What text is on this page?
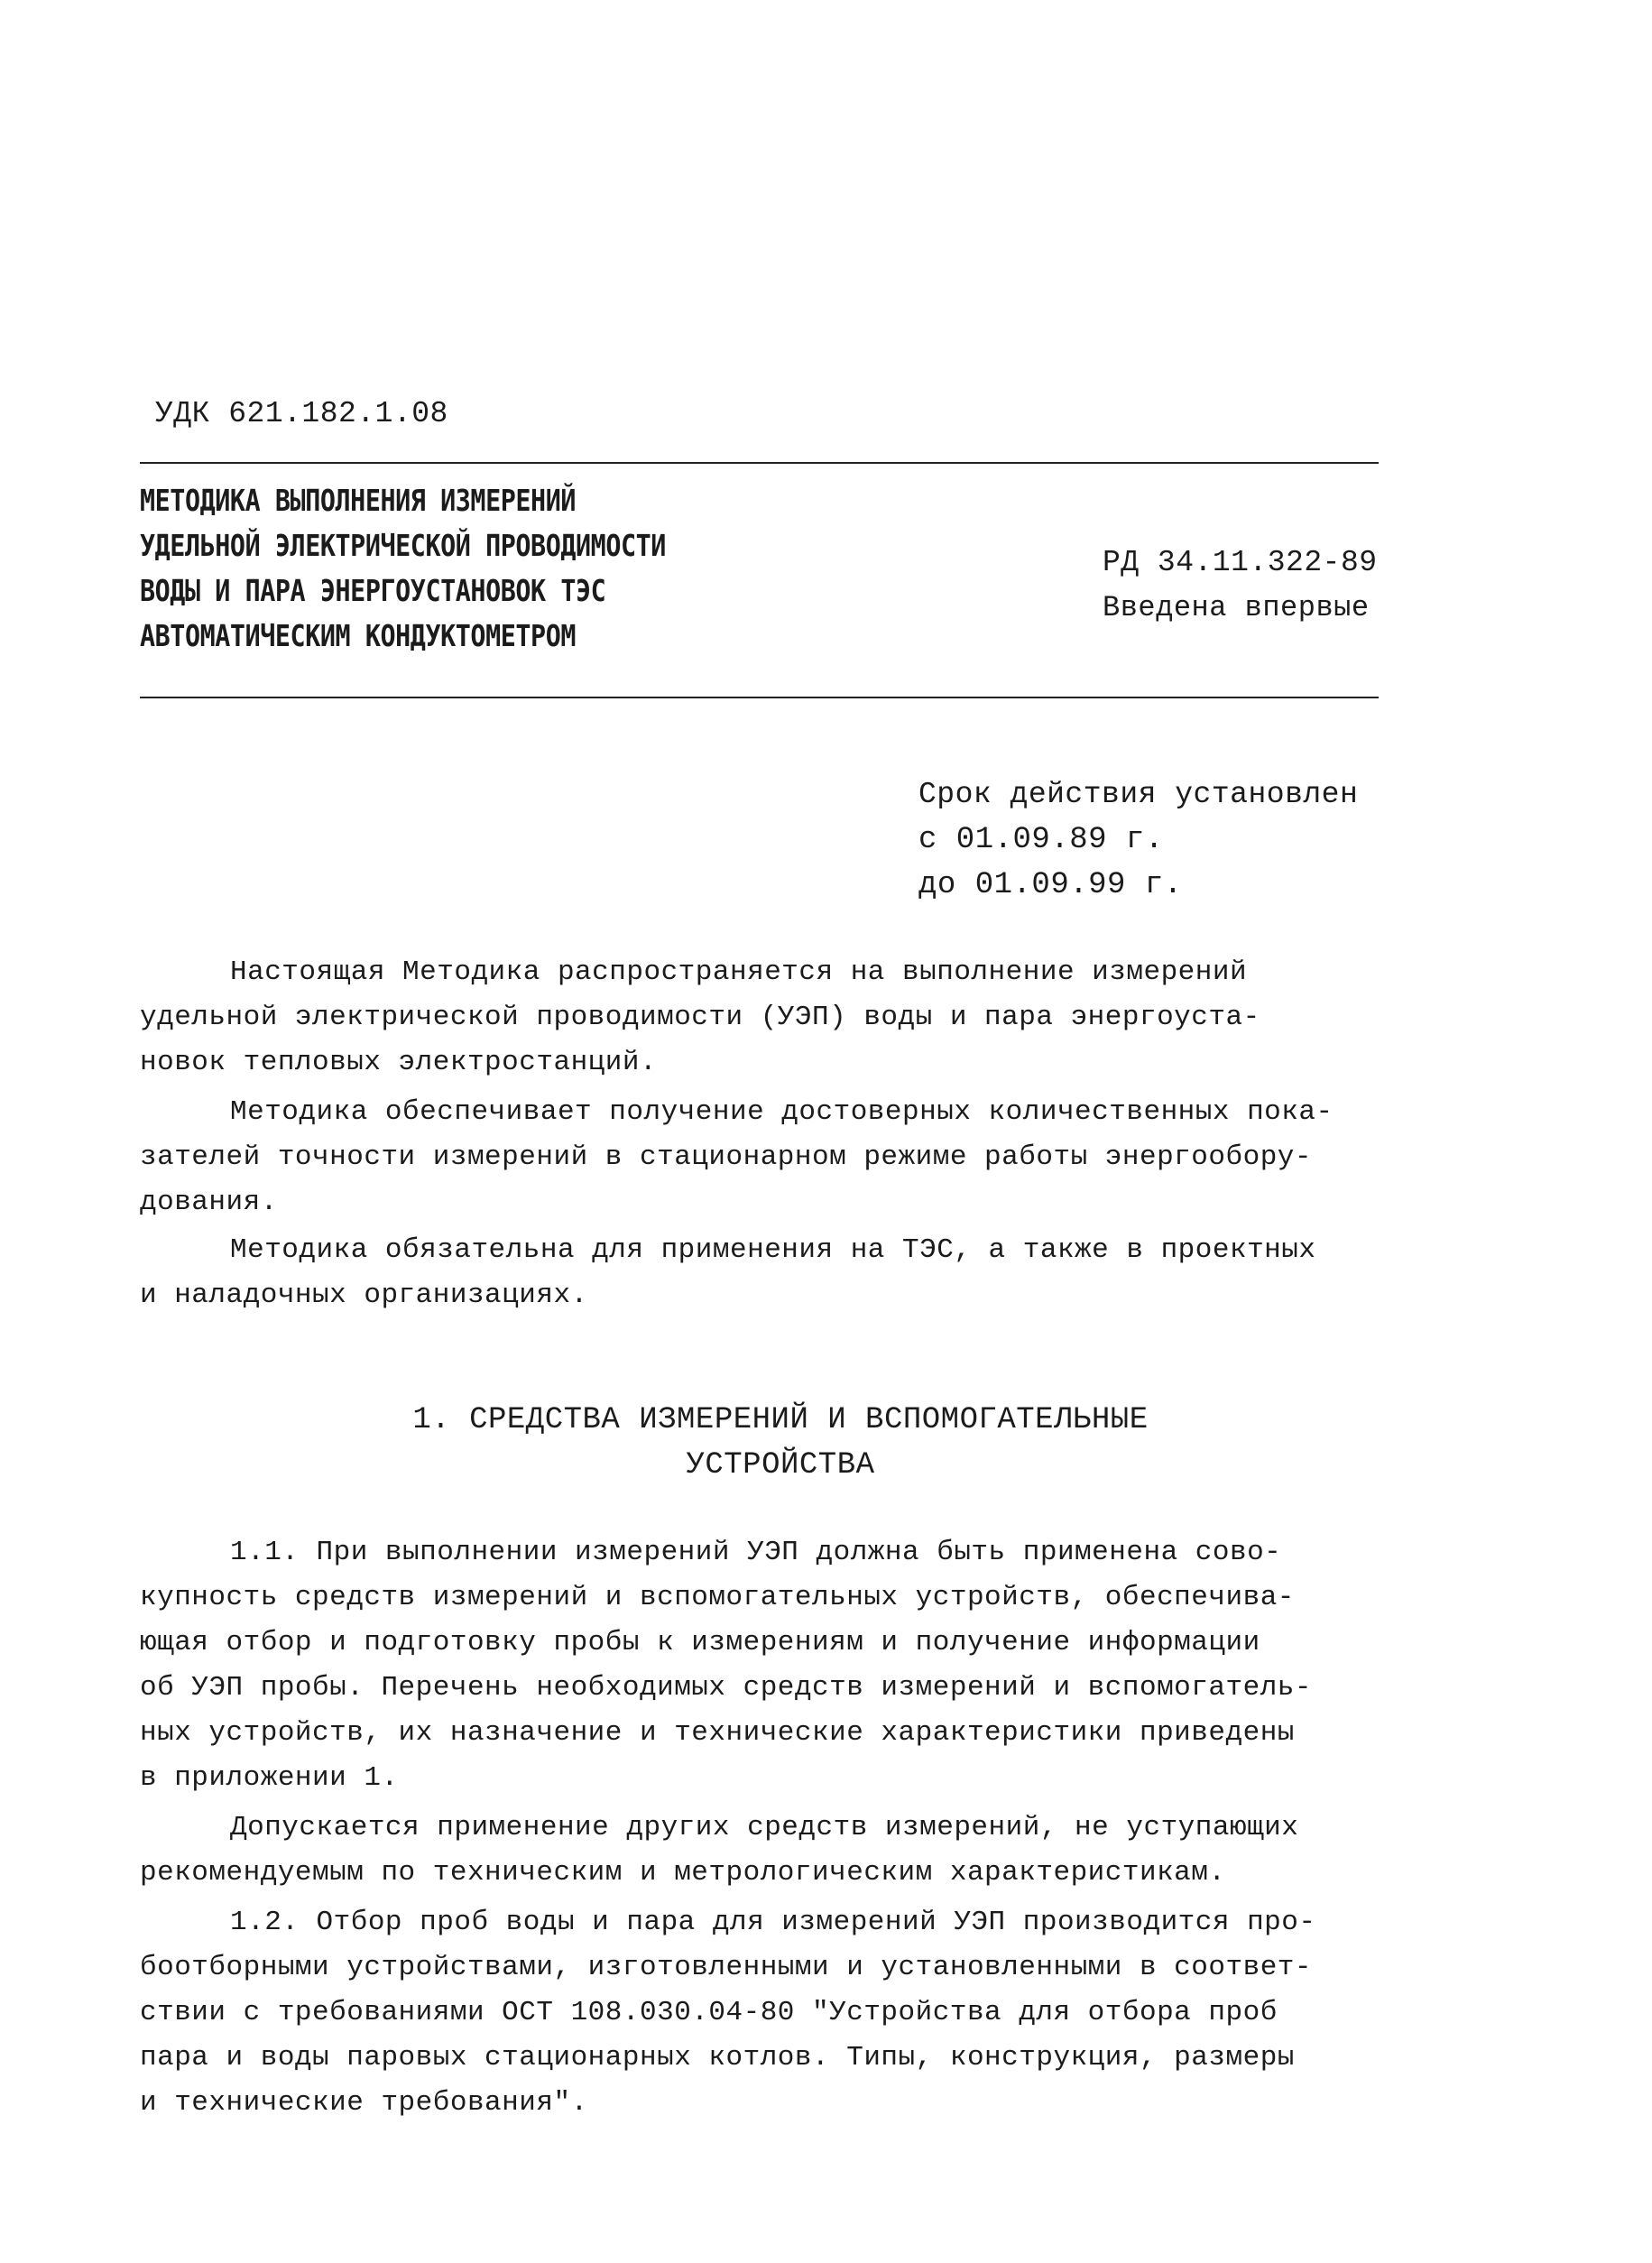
УДК 621.182.1.08
МЕТОДИКА ВЫПОЛНЕНИЯ ИЗМЕРЕНИЙ
УДЕЛЬНОЙ ЭЛЕКТРИЧЕСКОЙ ПРОВОДИМОСТИ
ВОДЫ И ПАРА ЭНЕРГОУСТАНОВОК ТЭС
АВТОМАТИЧЕСКИМ КОНДУКТОМЕТРОМ
РД 34.11.322-89
Введена впервые
Срок действия установлен
с 01.09.89 г.
до 01.09.99 г.
Настоящая Методика распространяется на выполнение измерений
удельной электрической проводимости (УЭП) воды и пара энергоуста-
новок тепловых электростанций.
Методика обеспечивает получение достоверных количественных пока-
зателей точности измерений в стационарном режиме работы энергообору-
дования.
Методика обязательна для применения на ТЭС, а также в проектных
и наладочных организациях.
1. СРЕДСТВА ИЗМЕРЕНИЙ И ВСПОМОГАТЕЛЬНЫЕ
УСТРОЙСТВА
1.1. При выполнении измерений УЭП должна быть применена сово-
купность средств измерений и вспомогательных устройств, обеспечива-
ющая отбор и подготовку пробы к измерениям и получение информации
об УЭП пробы. Перечень необходимых средств измерений и вспомогатель-
ных устройств, их назначение и технические характеристики приведены
в приложении 1.
Допускается применение других средств измерений, не уступающих
рекомендуемым по техническим и метрологическим характеристикам.
1.2. Отбор проб воды и пара для измерений УЭП производится про-
боотборными устройствами, изготовленными и установленными в соответ-
ствии с требованиями ОСТ 108.030.04-80 "Устройства для отбора проб
пара и воды паровых стационарных котлов. Типы, конструкция, размеры
и технические требования".
